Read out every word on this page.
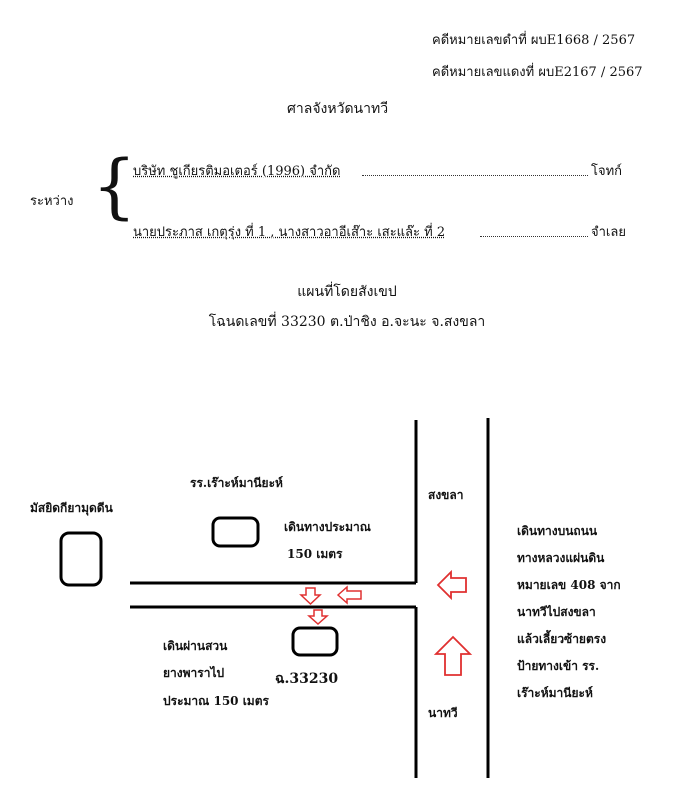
คดีหมายเลขดำที่ ผบE1668 / 2567
คดีหมายเลขแดงที่ ผบE2167 / 2567
ศาลจังหวัดนาทวี
ระหว่าง {
บริษัท ชูเกียรติมอเตอร์ (1996) จำกัด	โจทก์
นายประภาส เกตุรุ่ง ที่ 1 , นางสาวอาอีเส๊าะ เสะแล๊ะ ที่ 2	จำเลย
แผนที่โดยสังเขป
โฉนดเลขที่ 33230 ต.ป่าชิง อ.จะนะ จ.สงขลา
มัสยิดกียามุดดีน
รร.เร๊าะห์มานียะห์
เดินทางประมาณ
150 เมตร
สงขลา
นาทวี
ฉ.33230
เดินผ่านสวน
ยางพาราไป
ประมาณ 150 เมตร
เดินทางบนถนน
ทางหลวงแผ่นดิน
หมายเลข 408 จาก
นาทวีไปสงขลา
แล้วเลี้ยวซ้ายตรง
ป้ายทางเข้า รร.
เร๊าะห์มานียะห์
